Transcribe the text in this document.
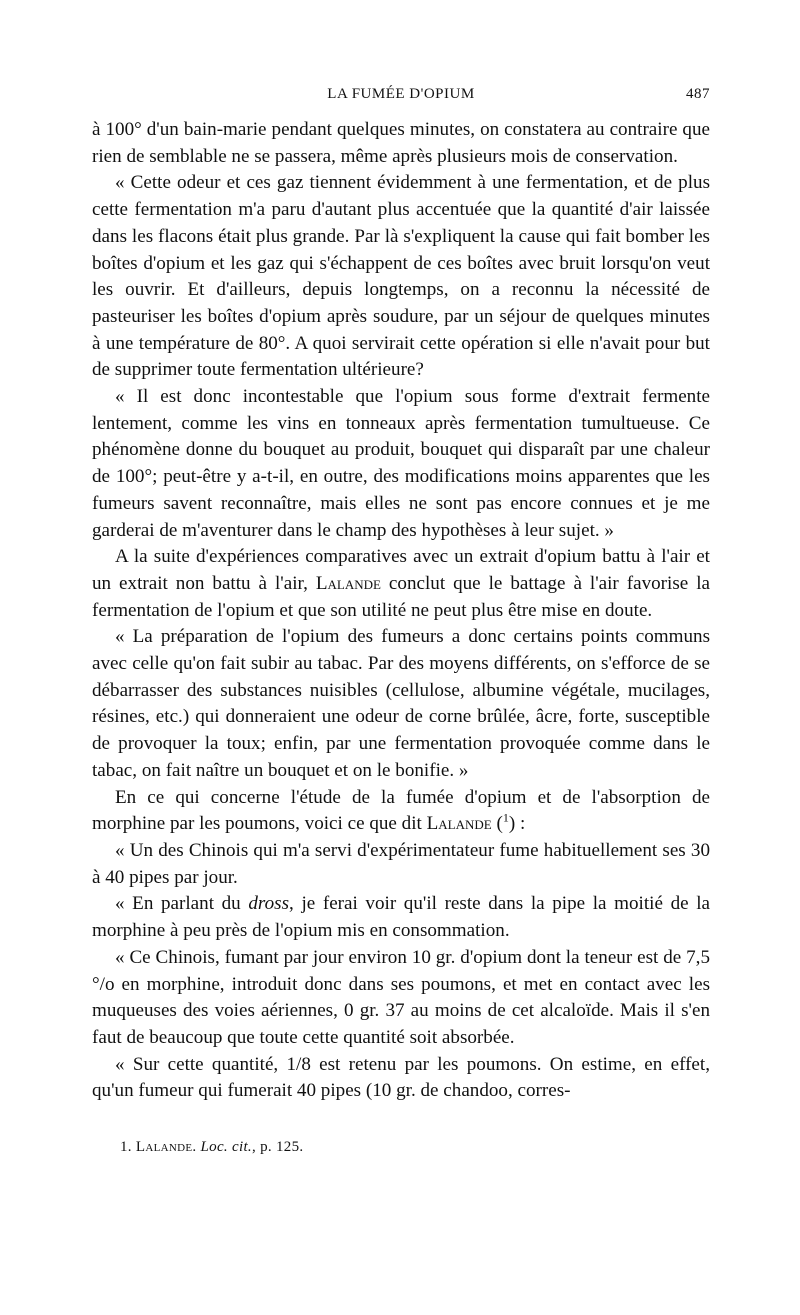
LA FUMÉE D'OPIUM	487

à 100° d'un bain-marie pendant quelques minutes, on constatera au contraire que rien de semblable ne se passera, même après plusieurs mois de conservation.

« Cette odeur et ces gaz tiennent évidemment à une fermentation, et de plus cette fermentation m'a paru d'autant plus accentuée que la quantité d'air laissée dans les flacons était plus grande. Par là s'expliquent la cause qui fait bomber les boîtes d'opium et les gaz qui s'échappent de ces boîtes avec bruit lorsqu'on veut les ouvrir. Et d'ailleurs, depuis longtemps, on a reconnu la nécessité de pasteuriser les boîtes d'opium après soudure, par un séjour de quelques minutes à une température de 80°. A quoi servirait cette opération si elle n'avait pour but de supprimer toute fermentation ultérieure?

« Il est donc incontestable que l'opium sous forme d'extrait fermente lentement, comme les vins en tonneaux après fermentation tumultueuse. Ce phénomène donne du bouquet au produit, bouquet qui disparaît par une chaleur de 100°; peut-être y a-t-il, en outre, des modifications moins apparentes que les fumeurs savent reconnaître, mais elles ne sont pas encore connues et je me garderai de m'aventurer dans le champ des hypothèses à leur sujet. »

A la suite d'expériences comparatives avec un extrait d'opium battu à l'air et un extrait non battu à l'air, Lalande conclut que le battage à l'air favorise la fermentation de l'opium et que son utilité ne peut plus être mise en doute.

« La préparation de l'opium des fumeurs a donc certains points communs avec celle qu'on fait subir au tabac. Par des moyens différents, on s'efforce de se débarrasser des substances nuisibles (cellulose, albumine végétale, mucilages, résines, etc.) qui donneraient une odeur de corne brûlée, âcre, forte, susceptible de provoquer la toux; enfin, par une fermentation provoquée comme dans le tabac, on fait naître un bouquet et on le bonifie. »

En ce qui concerne l'étude de la fumée d'opium et de l'absorption de morphine par les poumons, voici ce que dit Lalande ($^1$) :

« Un des Chinois qui m'a servi d'expérimentateur fume habituellement ses 30 à 40 pipes par jour.

« En parlant du dross, je ferai voir qu'il reste dans la pipe la moitié de la morphine à peu près de l'opium mis en consommation.

« Ce Chinois, fumant par jour environ 10 gr. d'opium dont la teneur est de 7,5 °/o en morphine, introduit donc dans ses poumons, et met en contact avec les muqueuses des voies aériennes, 0 gr. 37 au moins de cet alcaloïde. Mais il s'en faut de beaucoup que toute cette quantité soit absorbée.

« Sur cette quantité, 1/8 est retenu par les poumons. On estime, en effet, qu'un fumeur qui fumerait 40 pipes (10 gr. de chandoo, corres-

1. Lalande. Loc. cit., p. 125.
